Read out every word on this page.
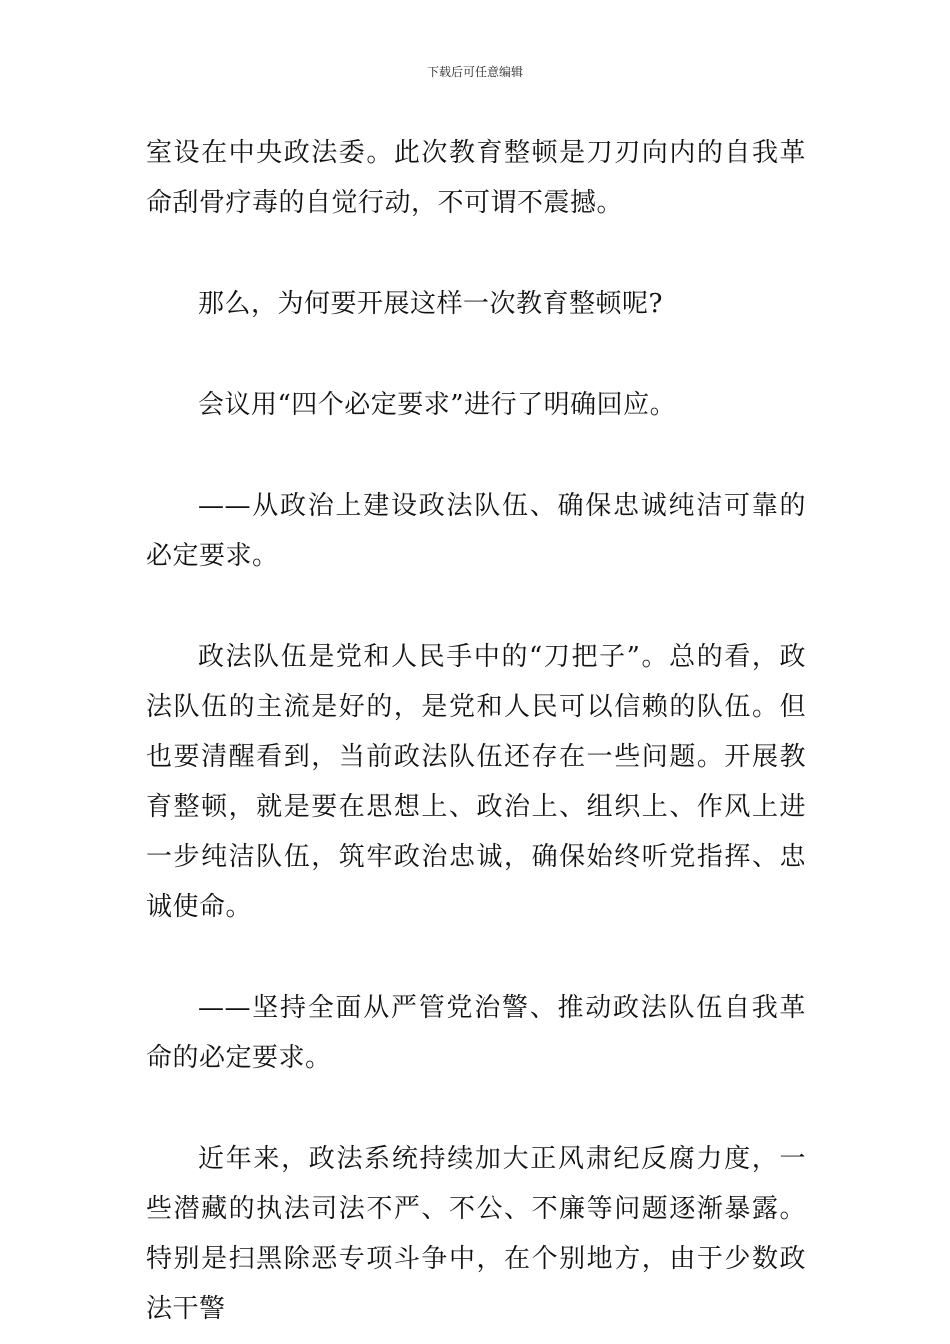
下载后可任意编辑

室设在中央政法委。此次教育整顿是刀刃向内的自我革命刮骨疗毒的自觉行动，不可谓不震撼。

那么，为何要开展这样一次教育整顿呢?

会议用“四个必定要求”进行了明确回应。

——从政治上建设政法队伍、确保忠诚纯洁可靠的必定要求。

政法队伍是党和人民手中的“刀把子”。总的看，政法队伍的主流是好的，是党和人民可以信赖的队伍。但也要清醒看到，当前政法队伍还存在一些问题。开展教育整顿，就是要在思想上、政治上、组织上、作风上进一步纯洁队伍，筑牢政治忠诚，确保始终听党指挥、忠诚使命。

——坚持全面从严管党治警、推动政法队伍自我革命的必定要求。

近年来，政法系统持续加大正风肃纪反腐力度，一些潜藏的执法司法不严、不公、不廉等问题逐渐暴露。特别是扫黑除恶专项斗争中，在个别地方，由于少数政法干警
